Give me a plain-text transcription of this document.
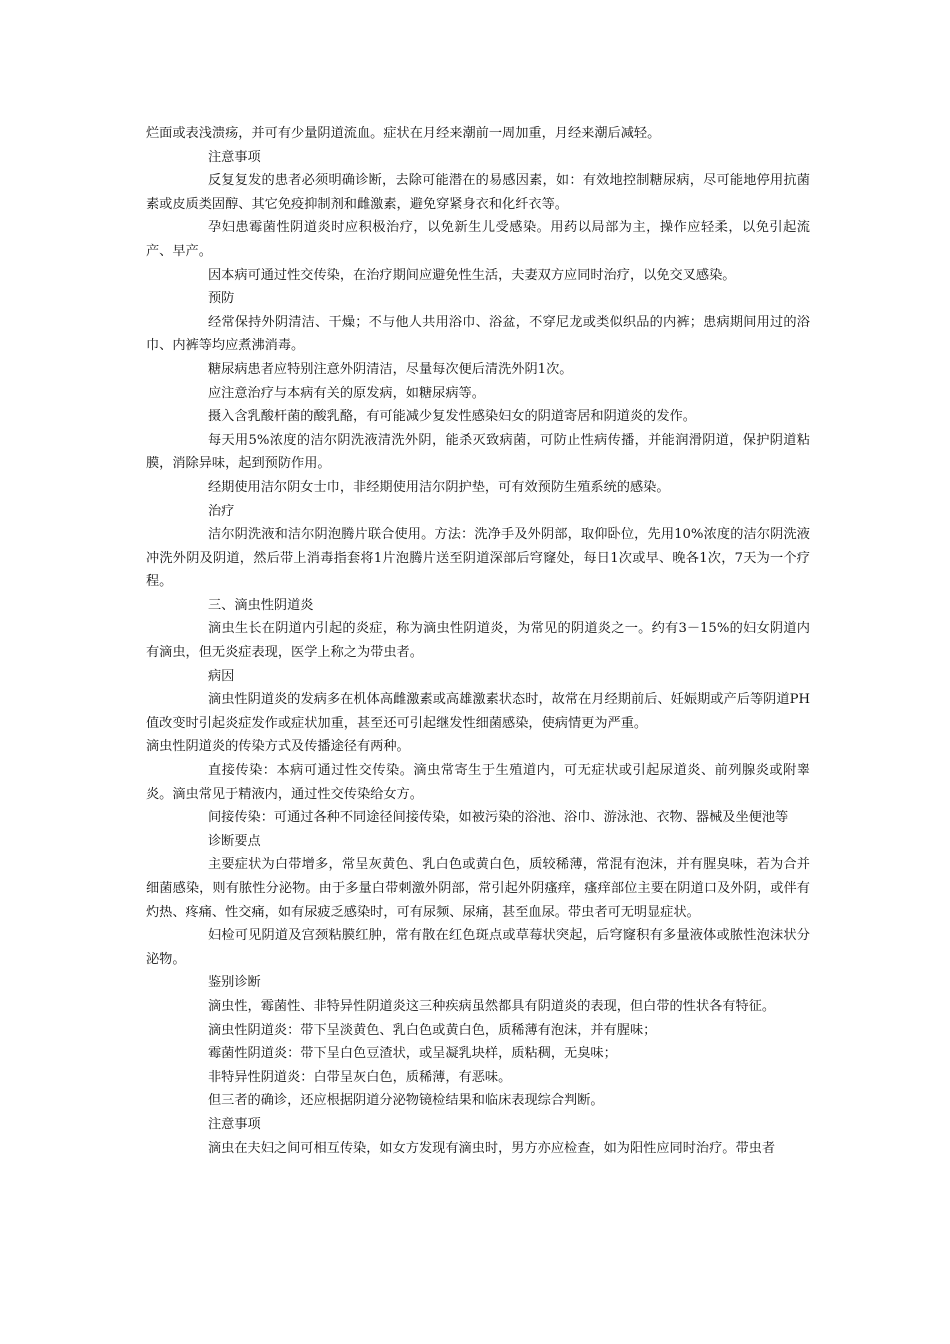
烂面或表浅溃疡，并可有少量阴道流血。症状在月经来潮前一周加重，月经来潮后减轻。

注意事项

反复复发的患者必须明确诊断，去除可能潜在的易感因素，如：有效地控制糖尿病，尽可能地停用抗菌素或皮质类固醇、其它免疫抑制剂和雌激素，避免穿紧身衣和化纤衣等。

孕妇患霉菌性阴道炎时应积极治疗，以免新生儿受感染。用药以局部为主，操作应轻柔，以免引起流产、早产。

因本病可通过性交传染，在治疗期间应避免性生活，夫妻双方应同时治疗，以免交叉感染。

预防

经常保持外阴清洁、干燥；不与他人共用浴巾、浴盆，不穿尼龙或类似织品的内裤；患病期间用过的浴巾、内裤等均应煮沸消毒。

糖尿病患者应特别注意外阴清洁，尽量每次便后清洗外阴1次。

应注意治疗与本病有关的原发病，如糖尿病等。

摄入含乳酸杆菌的酸乳酪，有可能减少复发性感染妇女的阴道寄居和阴道炎的发作。

每天用5%浓度的洁尔阴洗液清洗外阴，能杀灭致病菌，可防止性病传播，并能润滑阴道，保护阴道粘膜，消除异味，起到预防作用。

经期使用洁尔阴女士巾，非经期使用洁尔阴护垫，可有效预防生殖系统的感染。

治疗

洁尔阴洗液和洁尔阴泡腾片联合使用。方法：洗净手及外阴部，取仰卧位，先用10%浓度的洁尔阴洗液冲洗外阴及阴道，然后带上消毒指套将1片泡腾片送至阴道深部后穹窿处，每日1次或早、晚各1次，7天为一个疗程。

三、滴虫性阴道炎

滴虫生长在阴道内引起的炎症，称为滴虫性阴道炎，为常见的阴道炎之一。约有3－15%的妇女阴道内有滴虫，但无炎症表现，医学上称之为带虫者。

病因

滴虫性阴道炎的发病多在机体高雌激素或高雄激素状态时，故常在月经期前后、妊娠期或产后等阴道PH值改变时引起炎症发作或症状加重，甚至还可引起继发性细菌感染，使病情更为严重。

滴虫性阴道炎的传染方式及传播途径有两种。

直接传染：本病可通过性交传染。滴虫常寄生于生殖道内，可无症状或引起尿道炎、前列腺炎或附睾炎。滴虫常见于精液内，通过性交传染给女方。

间接传染：可通过各种不同途径间接传染，如被污染的浴池、浴巾、游泳池、衣物、器械及坐便池等

诊断要点

主要症状为白带增多，常呈灰黄色、乳白色或黄白色，质较稀薄，常混有泡沫，并有腥臭味，若为合并细菌感染，则有脓性分泌物。由于多量白带刺激外阴部，常引起外阴瘙痒，瘙痒部位主要在阴道口及外阴，或伴有灼热、疼痛、性交痛，如有尿疲乏感染时，可有尿频、尿痛，甚至血尿。带虫者可无明显症状。

妇检可见阴道及宫颈粘膜红肿，常有散在红色斑点或草莓状突起，后穹窿积有多量液体或脓性泡沫状分泌物。

鉴别诊断

滴虫性，霉菌性、非特异性阴道炎这三种疾病虽然都具有阴道炎的表现，但白带的性状各有特征。

滴虫性阴道炎：带下呈淡黄色、乳白色或黄白色，质稀薄有泡沫，并有腥味；

霉菌性阴道炎：带下呈白色豆渣状，或呈凝乳块样，质粘稠，无臭味；

非特异性阴道炎：白带呈灰白色，质稀薄，有恶味。

但三者的确诊，还应根据阴道分泌物镜检结果和临床表现综合判断。

注意事项

滴虫在夫妇之间可相互传染，如女方发现有滴虫时，男方亦应检查，如为阳性应同时治疗。带虫者
